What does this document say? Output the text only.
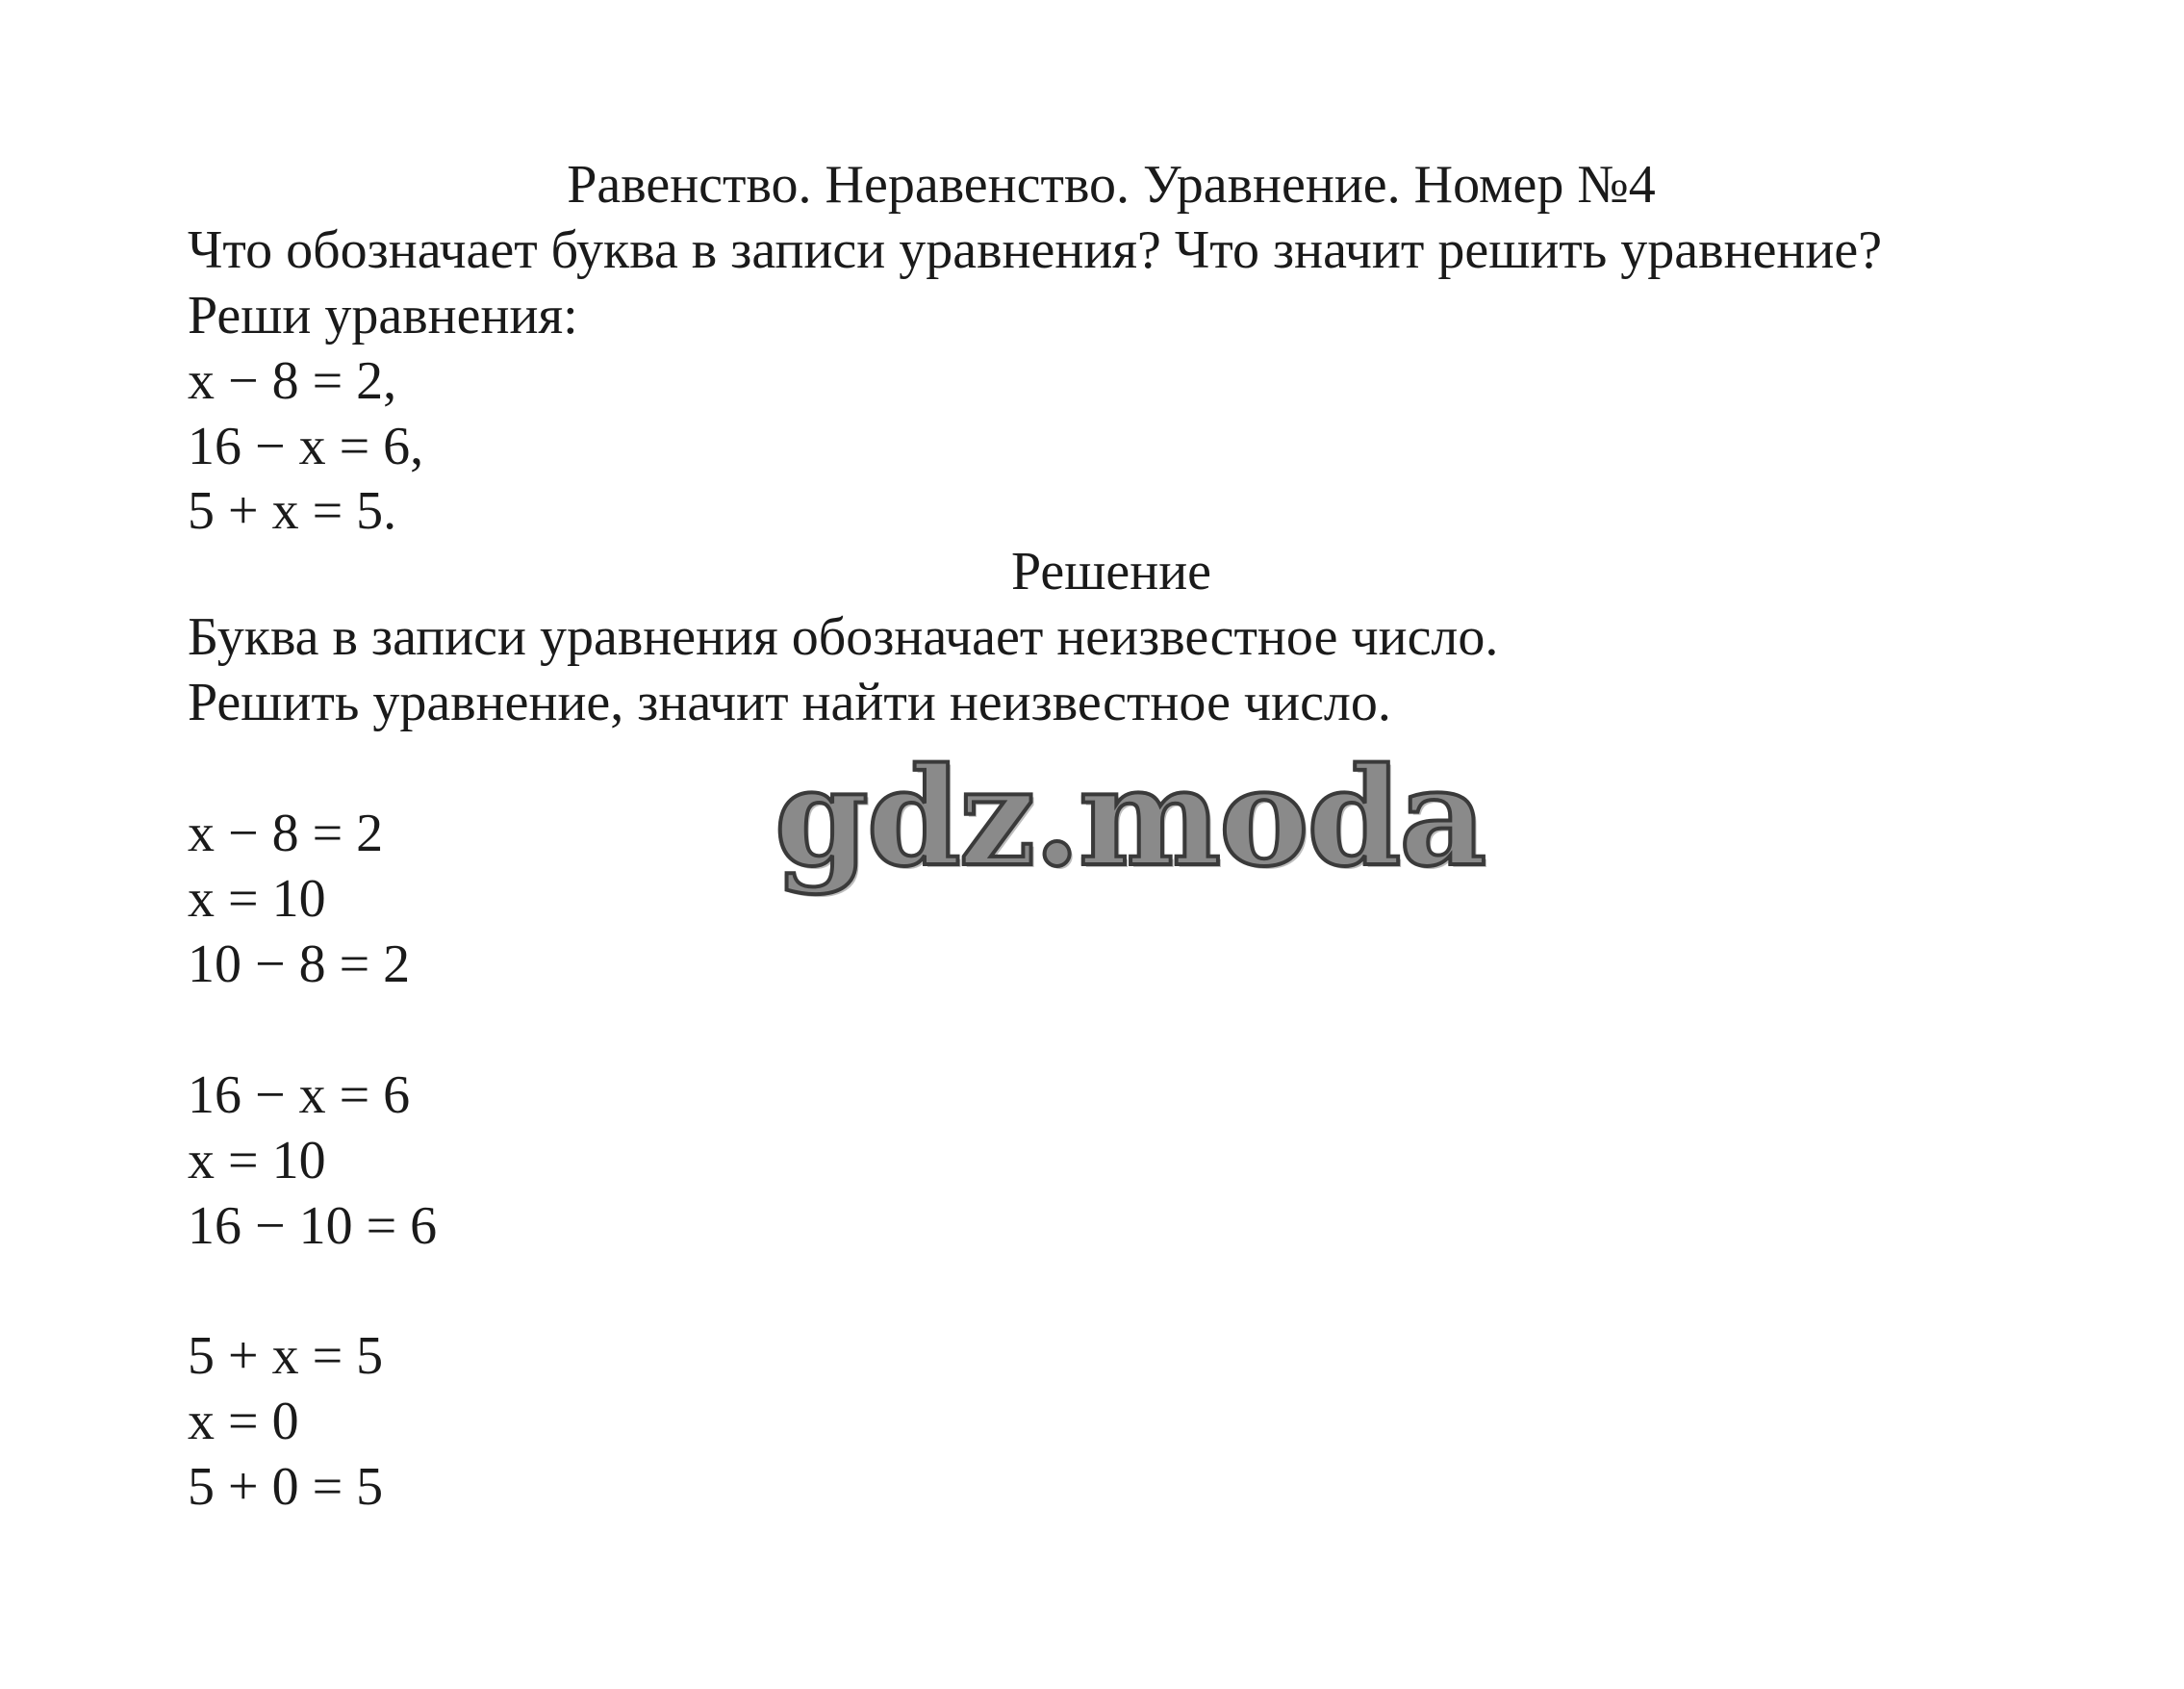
Равенство. Неравенство. Уравнение. Номер №4

Что обозначает буква в записи уравнения? Что значит решить уравнение?

Реши уравнения:

x − 8 = 2,

16 − x = 6,

5 + x = 5.

Решение

Буква в записи уравнения обозначает неизвестное число.

Решить уравнение, значит найти неизвестное число.

x − 8 = 2

x = 10

10 − 8 = 2

16 − x = 6

x = 10

16 − 10 = 6

5 + x = 5

x = 0

5 + 0 = 5

gdz.moda
